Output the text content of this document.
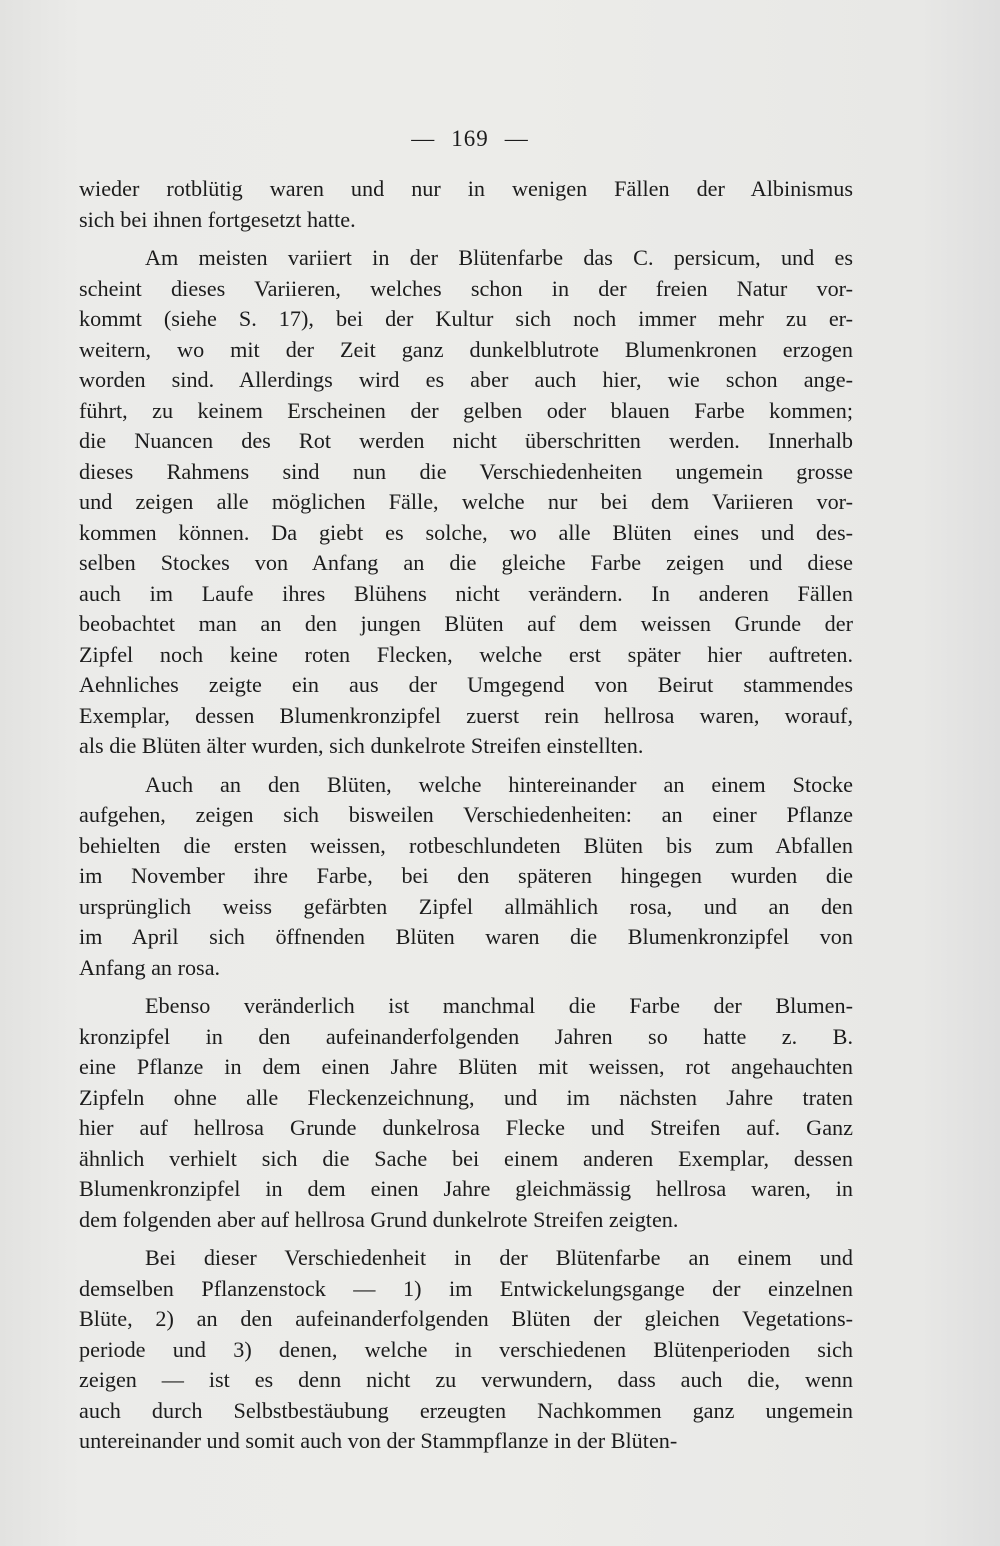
— 169 —
wieder rotblütig waren und nur in wenigen Fällen der Albinismus
sich bei ihnen fortgesetzt hatte.
Am meisten variiert in der Blütenfarbe das C. persicum, und es
scheint dieses Variieren, welches schon in der freien Natur vor-
kommt (siehe S. 17), bei der Kultur sich noch immer mehr zu er-
weitern, wo mit der Zeit ganz dunkelblutrote Blumenkronen erzogen
worden sind. Allerdings wird es aber auch hier, wie schon ange-
führt, zu keinem Erscheinen der gelben oder blauen Farbe kommen;
die Nuancen des Rot werden nicht überschritten werden. Innerhalb
dieses Rahmens sind nun die Verschiedenheiten ungemein grosse
und zeigen alle möglichen Fälle, welche nur bei dem Variieren vor-
kommen können. Da giebt es solche, wo alle Blüten eines und des-
selben Stockes von Anfang an die gleiche Farbe zeigen und diese
auch im Laufe ihres Blühens nicht verändern. In anderen Fällen
beobachtet man an den jungen Blüten auf dem weissen Grunde der
Zipfel noch keine roten Flecken, welche erst später hier auftreten.
Aehnliches zeigte ein aus der Umgegend von Beirut stammendes
Exemplar, dessen Blumenkronzipfel zuerst rein hellrosa waren, worauf,
als die Blüten älter wurden, sich dunkelrote Streifen einstellten.
Auch an den Blüten, welche hintereinander an einem Stocke
aufgehen, zeigen sich bisweilen Verschiedenheiten: an einer Pflanze
behielten die ersten weissen, rotbeschlundeten Blüten bis zum Abfallen
im November ihre Farbe, bei den späteren hingegen wurden die
ursprünglich weiss gefärbten Zipfel allmählich rosa, und an den
im April sich öffnenden Blüten waren die Blumenkronzipfel von
Anfang an rosa.
Ebenso veränderlich ist manchmal die Farbe der Blumen-
kronzipfel in den aufeinanderfolgenden Jahren so hatte z. B.
eine Pflanze in dem einen Jahre Blüten mit weissen, rot angehauchten
Zipfeln ohne alle Fleckenzeichnung, und im nächsten Jahre traten
hier auf hellrosa Grunde dunkelrosa Flecke und Streifen auf. Ganz
ähnlich verhielt sich die Sache bei einem anderen Exemplar, dessen
Blumenkronzipfel in dem einen Jahre gleichmässig hellrosa waren, in
dem folgenden aber auf hellrosa Grund dunkelrote Streifen zeigten.
Bei dieser Verschiedenheit in der Blütenfarbe an einem und
demselben Pflanzenstock — 1) im Entwickelungsgange der einzelnen
Blüte, 2) an den aufeinanderfolgenden Blüten der gleichen Vegetations-
periode und 3) denen, welche in verschiedenen Blütenperioden sich
zeigen — ist es denn nicht zu verwundern, dass auch die, wenn
auch durch Selbstbestäubung erzeugten Nachkommen ganz ungemein
untereinander und somit auch von der Stammpflanze in der Blüten-
